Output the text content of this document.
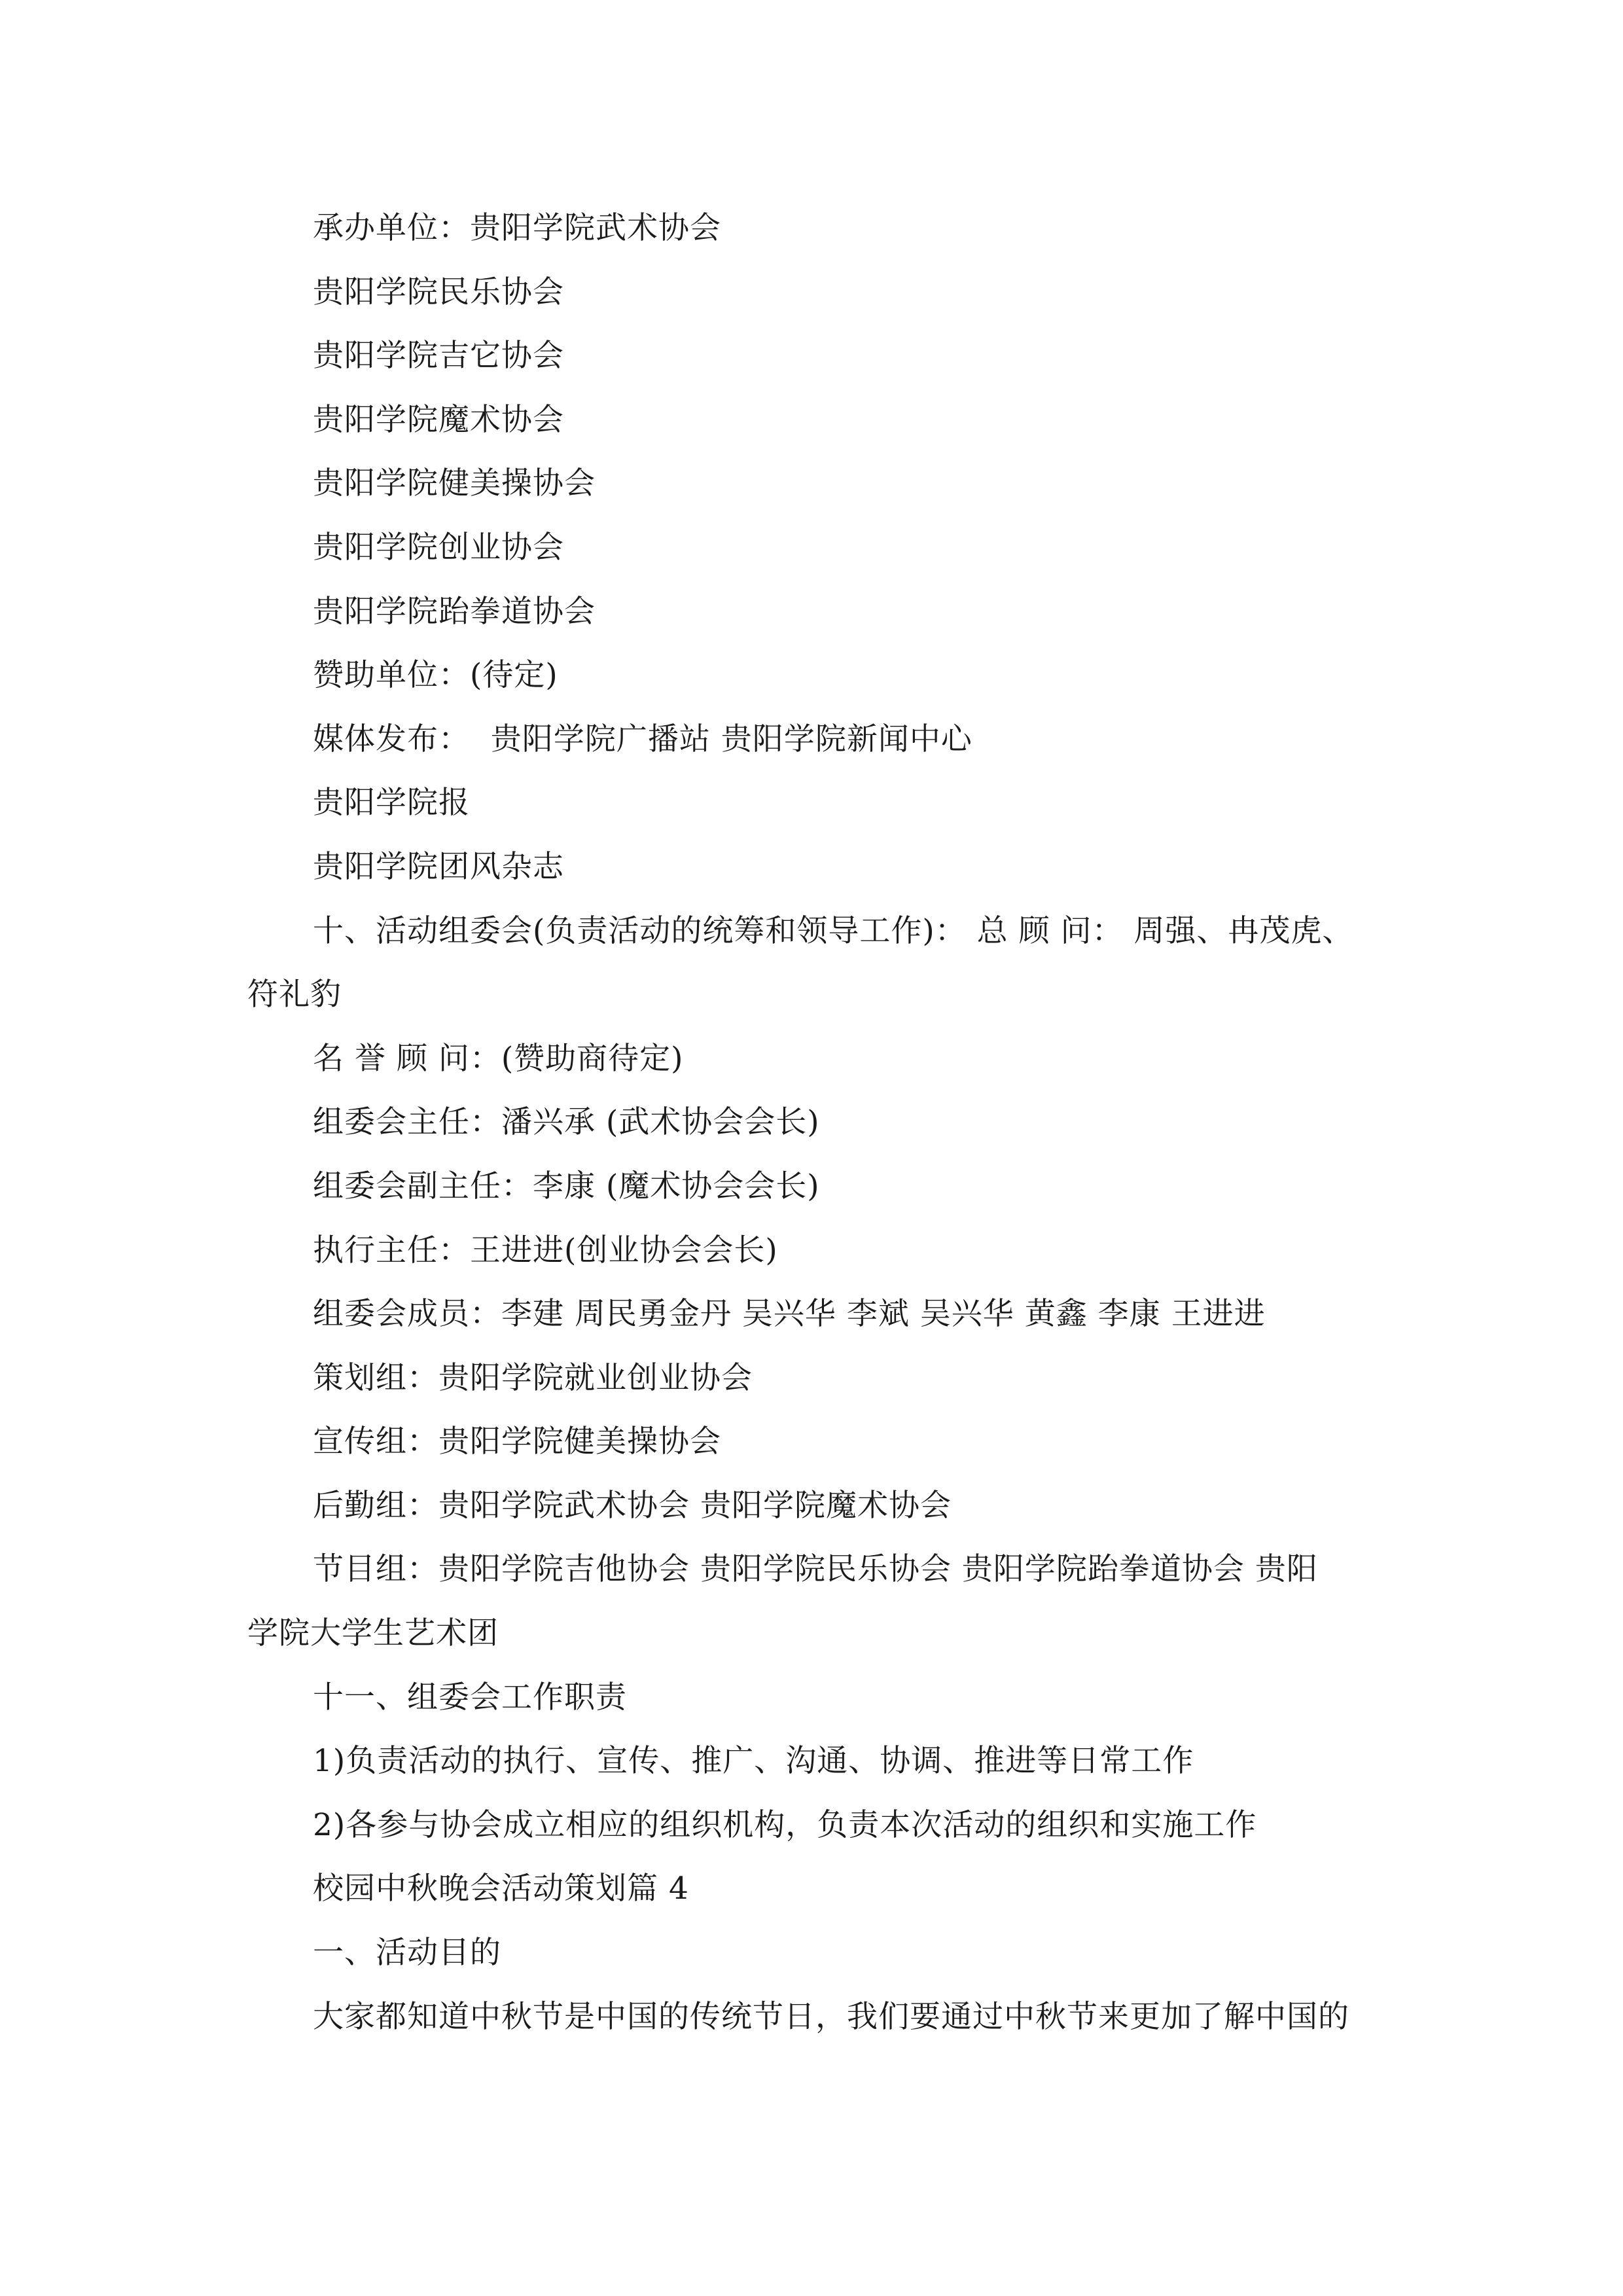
承办单位：贵阳学院武术协会
贵阳学院民乐协会
贵阳学院吉它协会
贵阳学院魔术协会
贵阳学院健美操协会
贵阳学院创业协会
贵阳学院跆拳道协会
赞助单位：(待定)
媒体发布：  贵阳学院广播站 贵阳学院新闻中心
贵阳学院报
贵阳学院团风杂志
十、活动组委会(负责活动的统筹和领导工作)： 总 顾 问： 周强、冉茂虎、
符礼豹
名 誉 顾 问：(赞助商待定)
组委会主任：潘兴承 (武术协会会长)
组委会副主任：李康 (魔术协会会长)
执行主任：王进进(创业协会会长)
组委会成员：李建 周民勇金丹 吴兴华 李斌 吴兴华 黄鑫 李康 王进进
策划组：贵阳学院就业创业协会
宣传组：贵阳学院健美操协会
后勤组：贵阳学院武术协会 贵阳学院魔术协会
节目组：贵阳学院吉他协会 贵阳学院民乐协会 贵阳学院跆拳道协会 贵阳
学院大学生艺术团
十一、组委会工作职责
1)负责活动的执行、宣传、推广、沟通、协调、推进等日常工作
2)各参与协会成立相应的组织机构，负责本次活动的组织和实施工作
校园中秋晚会活动策划篇 4
一、活动目的
大家都知道中秋节是中国的传统节日，我们要通过中秋节来更加了解中国的
